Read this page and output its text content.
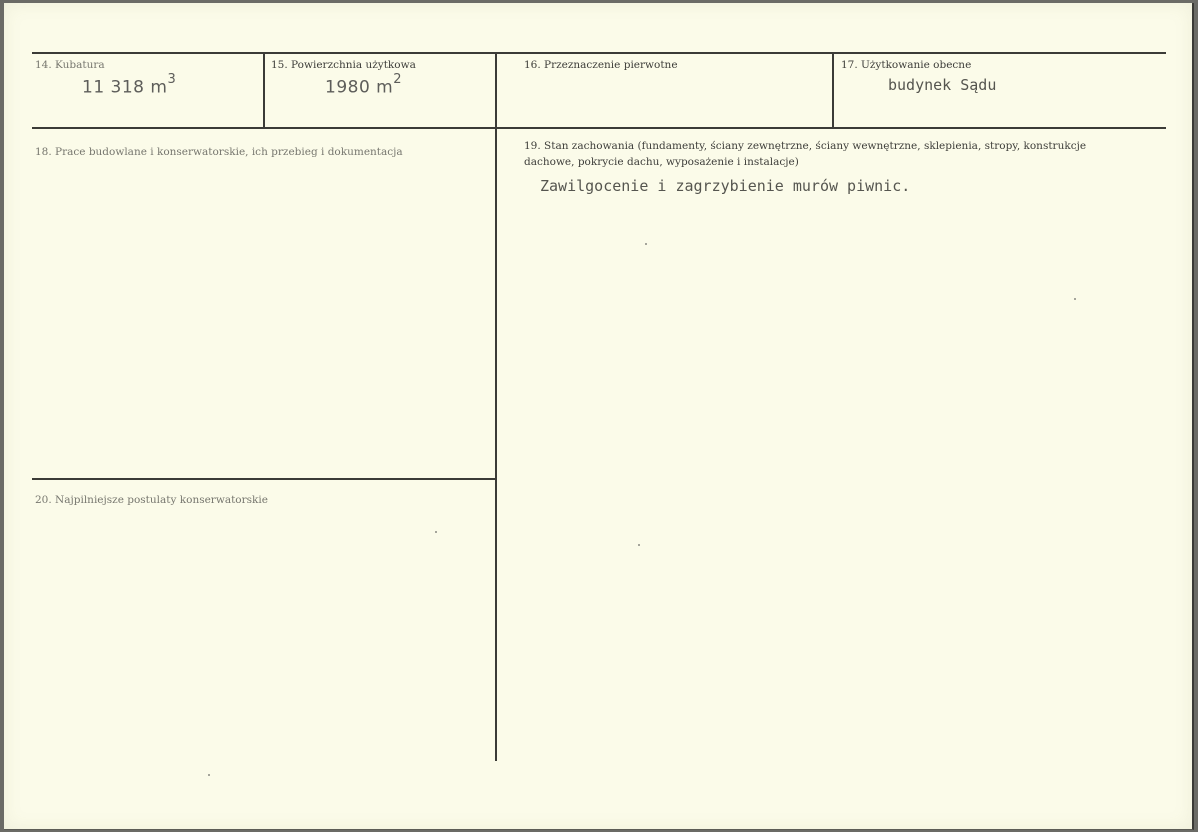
14. Kubatura
11 318 $m^3$
15. Powierzchnia użytkowa
1980 $m^2$
16. Przeznaczenie pierwotne	17. Użytkowanie obecne
budynek Sądu
18. Prace budowlane i konserwatorskie, ich przebieg i dokumentacja	19. Stan zachowania (fundamenty, ściany zewnętrzne, ściany wewnętrzne, sklepienia, stropy, konstrukcje dachowe, pokrycie dachu, wyposażenie i instalacje)
Zawilgocenie i zagrzybienie murów piwnic.
20. Najpilniejsze postulaty konserwatorskie
